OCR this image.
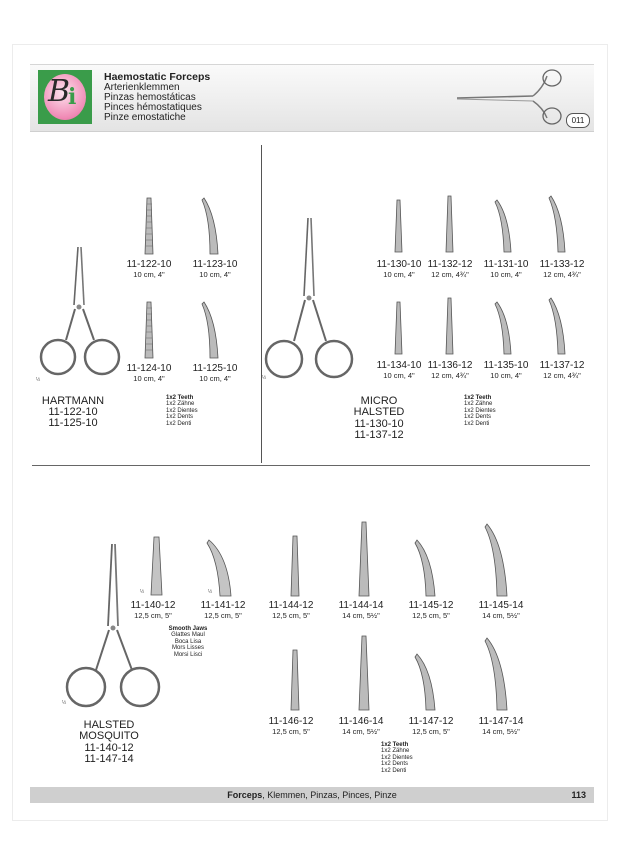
B
i
Haemostatic Forceps
Arterienklemmen
Pinzas hemostáticas
Pinces hémostatiques
Pinze emostatiche	011
½
HARTMANN
11-122-10
11-125-10
11-122-10
10 cm, 4"
11-123-10
10 cm, 4"
11-124-10
10 cm, 4"
11-125-10
10 cm, 4"
1x2 Teeth
1x2 Zähne
1x2 Dientes
1x2 Dents
1x2 Denti
½
MICRO
HALSTED
11-130-10
11-137-12
11-130-10
10 cm, 4"
11-132-12
12 cm, 4¾"
11-131-10
10 cm, 4"
11-133-12
12 cm, 4¾"
11-134-10
10 cm, 4"
11-136-12
12 cm, 4¾"
11-135-10
10 cm, 4"
11-137-12
12 cm, 4¾"
1x2 Teeth
1x2 Zähne
1x2 Dientes
1x2 Dents
1x2 Denti
½
HALSTED
MOSQUITO
11-140-12
11-147-14
½	½
11-140-12
12,5 cm, 5"
11-141-12
12,5 cm, 5"
Smooth Jaws
Glattes Maul
Boca Lisa
Mors Lisses
Morsi Lisci
11-144-12
12,5 cm, 5"
11-144-14
14 cm, 5½"
11-145-12
12,5 cm, 5"
11-145-14
14 cm, 5½"
11-146-12
12,5 cm, 5"
11-146-14
14 cm, 5½"
11-147-12
12,5 cm, 5"
11-147-14
14 cm, 5½"
1x2 Teeth
1x2 Zähne
1x2 Dientes
1x2 Dents
1x2 Denti
Forceps, Klemmen, Pinzas, Pinces, Pinze	113
